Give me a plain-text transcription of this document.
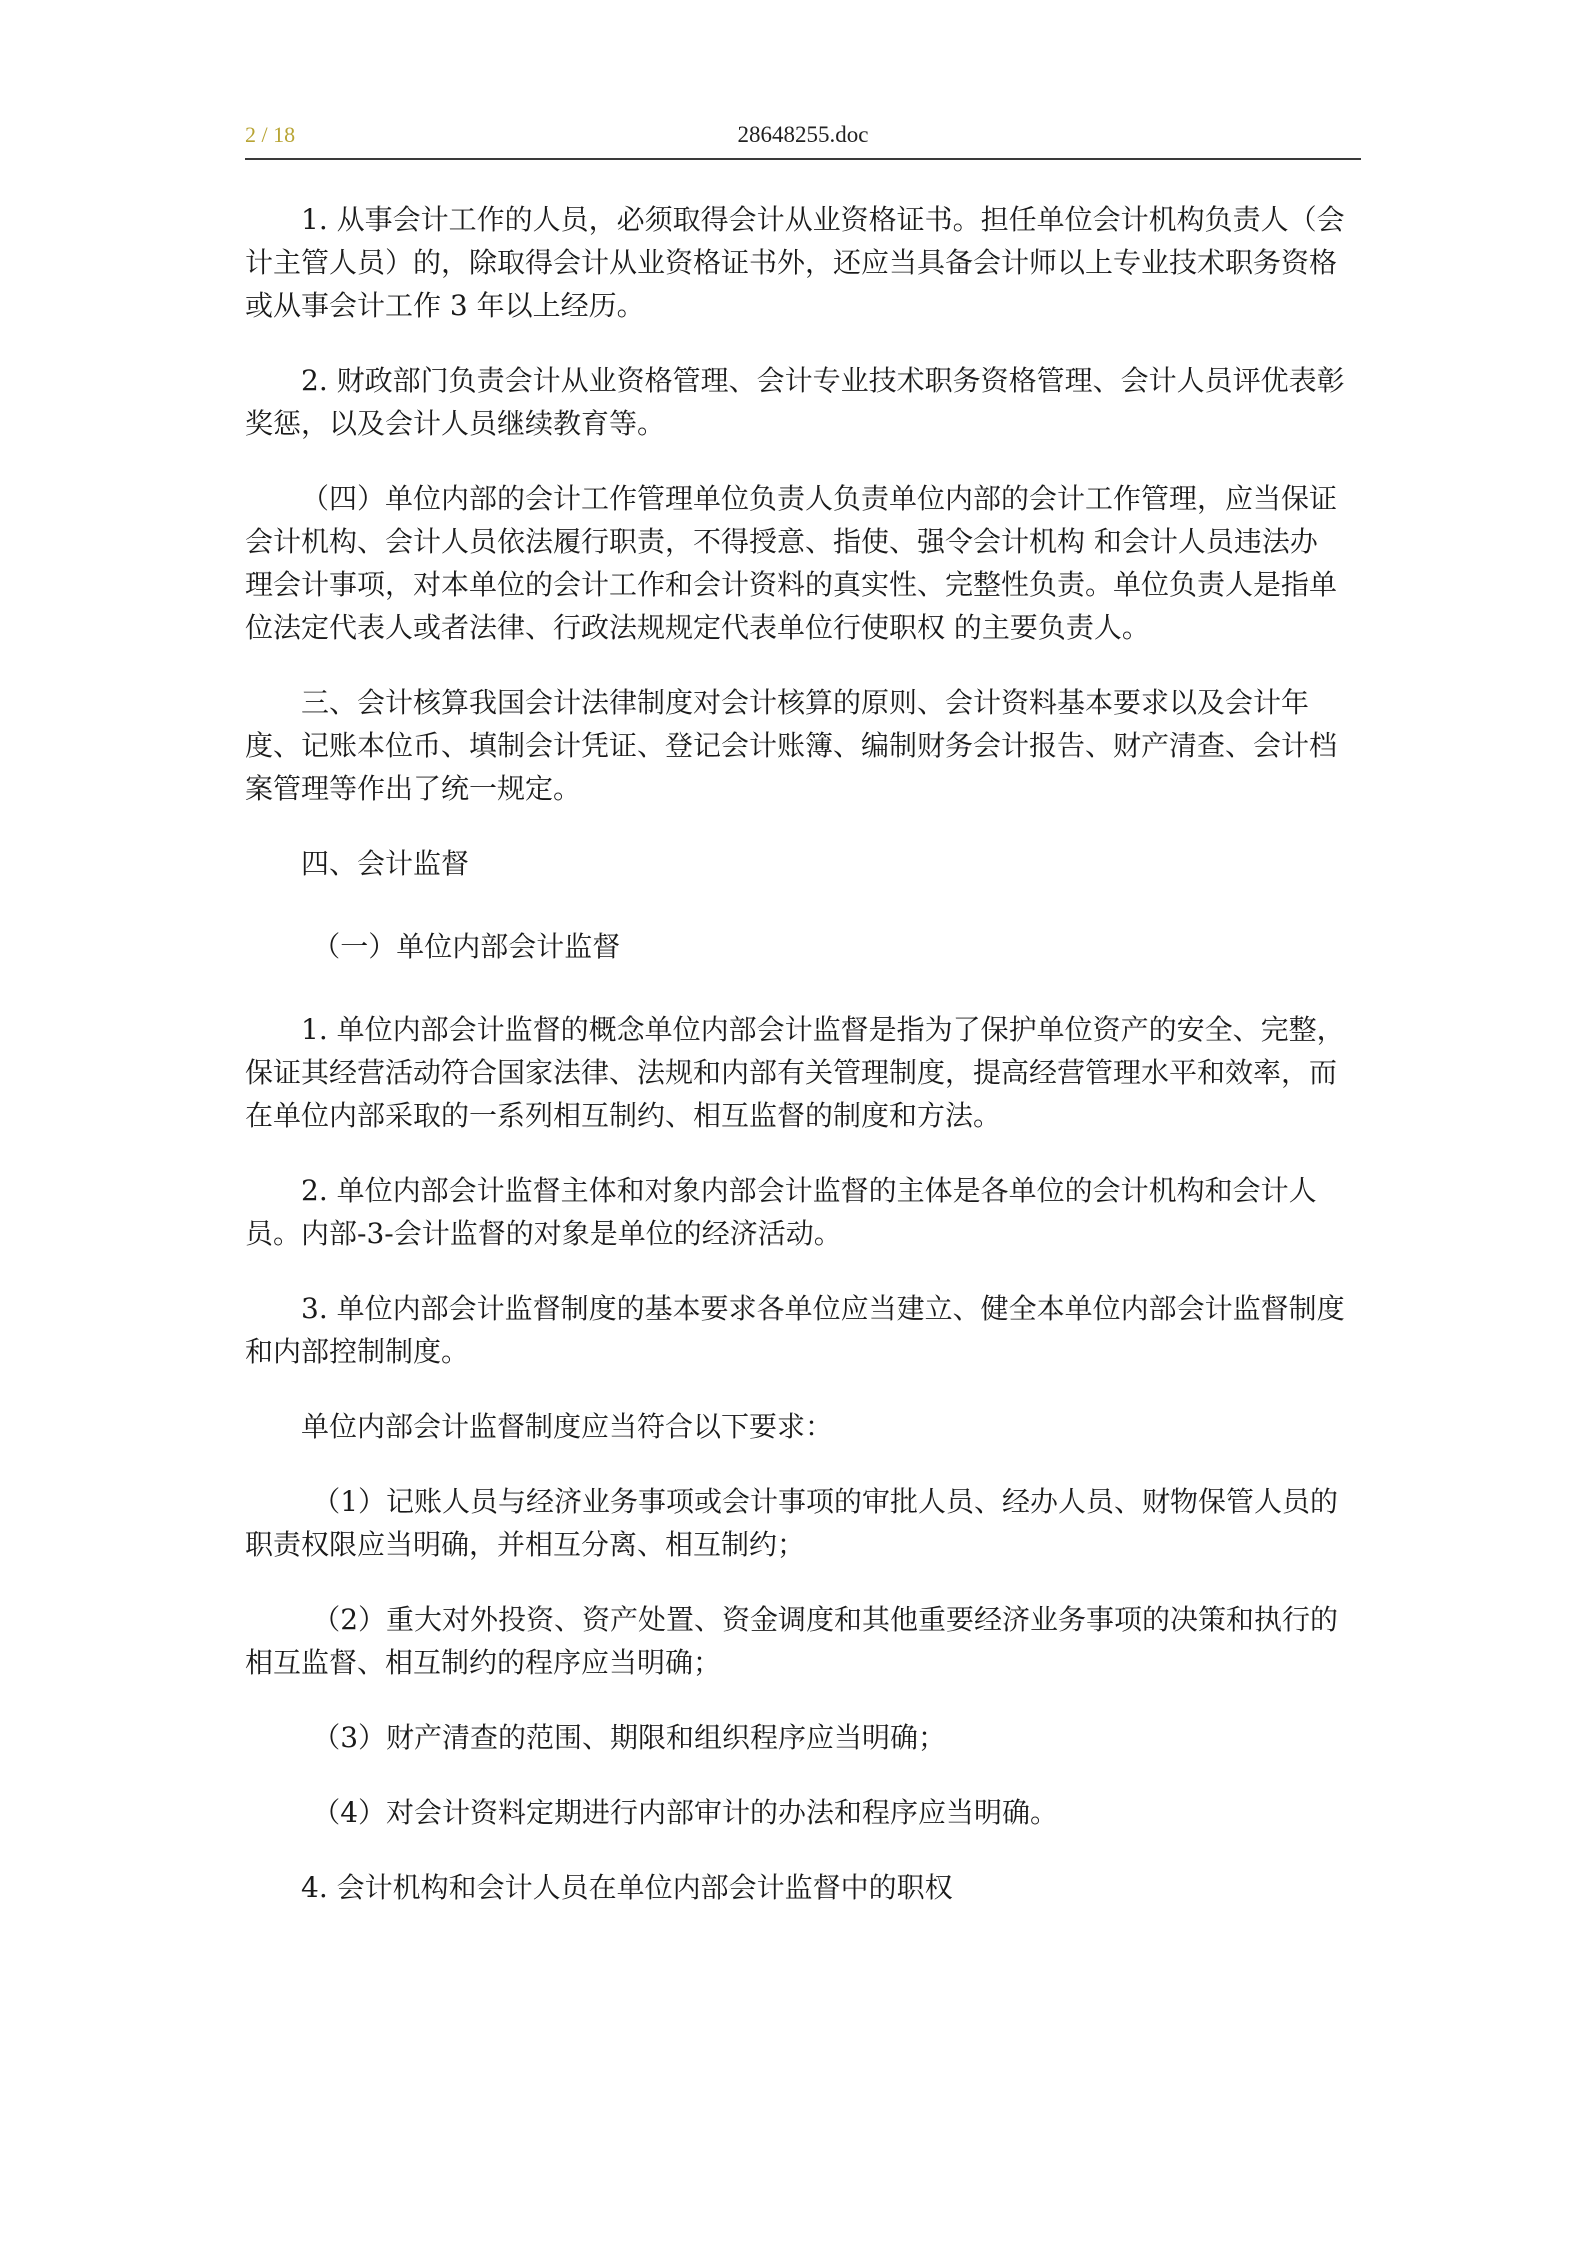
2 / 18	28648255.doc

1. 从事会计工作的人员，必须取得会计从业资格证书。担任单位会计机构负责人（会计主管人员）的，除取得会计从业资格证书外，还应当具备会计师以上专业技术职务资格或从事会计工作 3 年以上经历。

2. 财政部门负责会计从业资格管理、会计专业技术职务资格管理、会计人员评优表彰奖惩，以及会计人员继续教育等。

（四）单位内部的会计工作管理单位负责人负责单位内部的会计工作管理，应当保证会计机构、会计人员依法履行职责，不得授意、指使、强令会计机构 和会计人员违法办理会计事项，对本单位的会计工作和会计资料的真实性、完整性负责。单位负责人是指单位法定代表人或者法律、行政法规规定代表单位行使职权 的主要负责人。

三、会计核算我国会计法律制度对会计核算的原则、会计资料基本要求以及会计年度、记账本位币、填制会计凭证、登记会计账簿、编制财务会计报告、财产清查、会计档案管理等作出了统一规定。

四、会计监督

（一）单位内部会计监督

1. 单位内部会计监督的概念单位内部会计监督是指为了保护单位资产的安全、完整，保证其经营活动符合国家法律、法规和内部有关管理制度，提高经营管理水平和效率，而在单位内部采取的一系列相互制约、相互监督的制度和方法。

2. 单位内部会计监督主体和对象内部会计监督的主体是各单位的会计机构和会计人员。内部-3-会计监督的对象是单位的经济活动。

3. 单位内部会计监督制度的基本要求各单位应当建立、健全本单位内部会计监督制度和内部控制制度。

单位内部会计监督制度应当符合以下要求：

（1）记账人员与经济业务事项或会计事项的审批人员、经办人员、财物保管人员的职责权限应当明确，并相互分离、相互制约；

（2）重大对外投资、资产处置、资金调度和其他重要经济业务事项的决策和执行的相互监督、相互制约的程序应当明确；

（3）财产清查的范围、期限和组织程序应当明确；

（4）对会计资料定期进行内部审计的办法和程序应当明确。

4. 会计机构和会计人员在单位内部会计监督中的职权
